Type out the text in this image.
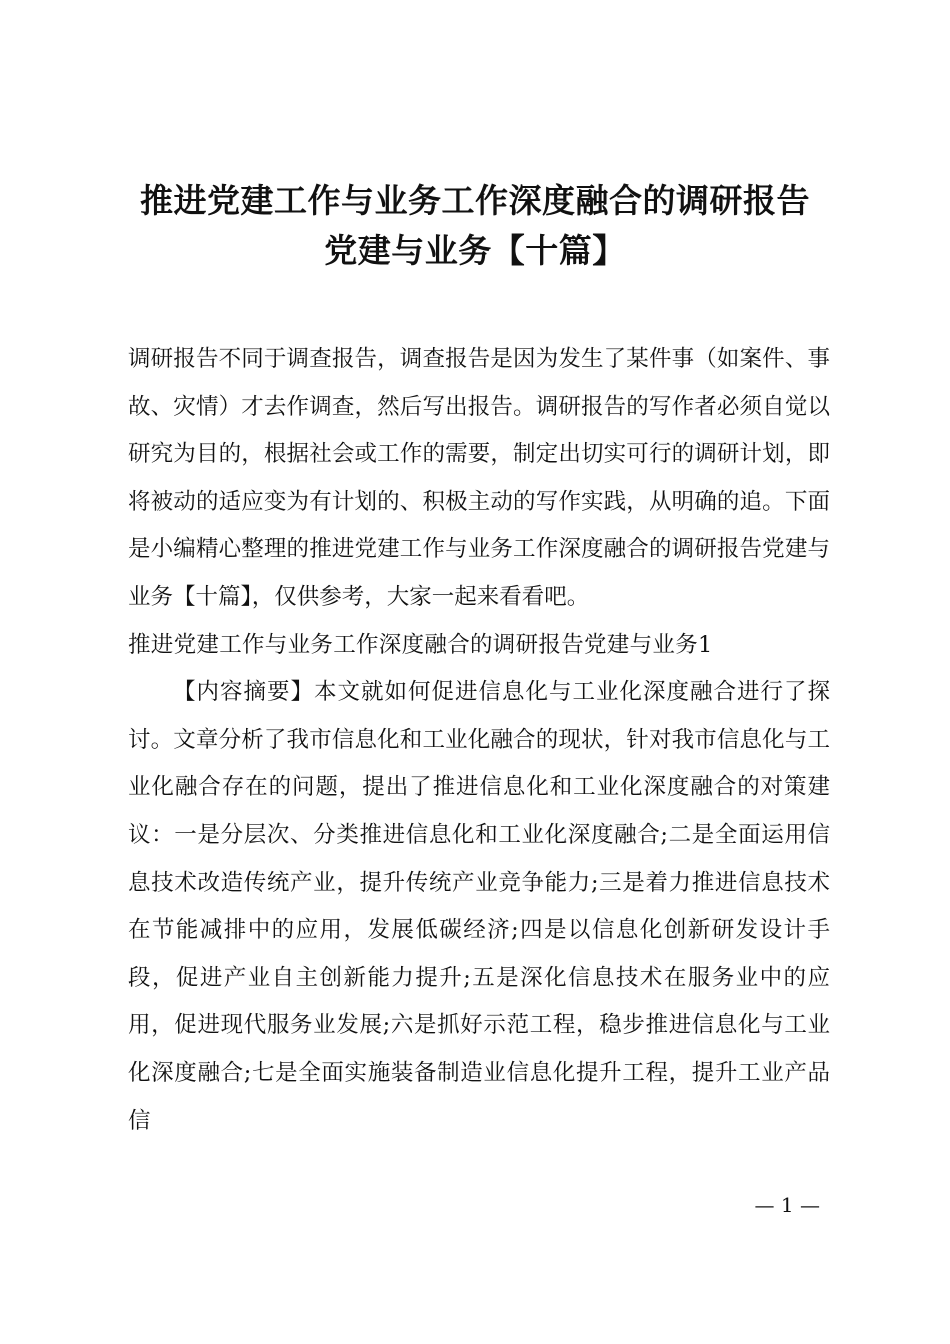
推进党建工作与业务工作深度融合的调研报告
党建与业务【十篇】

调研报告不同于调查报告，调查报告是因为发生了某件事（如案件、事故、灾情）才去作调查，然后写出报告。调研报告的写作者必须自觉以研究为目的，根据社会或工作的需要，制定出切实可行的调研计划，即将被动的适应变为有计划的、积极主动的写作实践，从明确的追。下面是小编精心整理的推进党建工作与业务工作深度融合的调研报告党建与业务【十篇】，仅供参考，大家一起来看看吧。

推进党建工作与业务工作深度融合的调研报告党建与业务1

【内容摘要】本文就如何促进信息化与工业化深度融合进行了探讨。文章分析了我市信息化和工业化融合的现状，针对我市信息化与工业化融合存在的问题，提出了推进信息化和工业化深度融合的对策建议：一是分层次、分类推进信息化和工业化深度融合;二是全面运用信息技术改造传统产业，提升传统产业竞争能力;三是着力推进信息技术在节能减排中的应用，发展低碳经济;四是以信息化创新研发设计手段，促进产业自主创新能力提升;五是深化信息技术在服务业中的应用，促进现代服务业发展;六是抓好示范工程，稳步推进信息化与工业化深度融合;七是全面实施装备制造业信息化提升工程，提升工业产品信

— 1 —
